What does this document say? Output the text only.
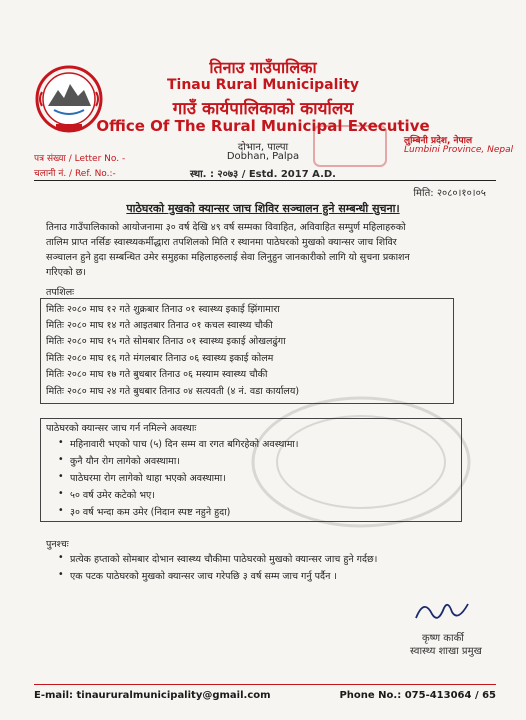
तिनाउ गाउँपालिका
Tinau Rural Municipality
गाउँ कार्यपालिकाको कार्यालय
Office Of The Rural Municipal Executive
दोभान, पाल्पा
Dobhan, Palpa
स्था. : २०७३ / Estd. 2017 A.D.
लुम्बिनी प्रदेश, नेपाल
Lumbini Province, Nepal
पत्र संख्या / Letter No. -
चलानी नं. / Ref. No.:-
मिति: २०८०।१०।०५
पाठेघरको मुखको क्यान्सर जाच शिविर सञ्चालन हुने सम्बन्धी सुचना।
तिनाउ गाउँपालिकाको आयोजनामा ३० वर्ष देखि ४९ वर्ष सम्मका विवाहित, अविवाहित सम्पुर्ण महिलाहरुको
तालिम प्राप्त नर्सिङ स्वास्थ्यकर्मीद्धारा तपशिलको मिति र स्थानमा पाठेघरको मुखको क्यान्सर जाच शिविर
सञ्चालन हुने हुदा सम्बन्धित उमेर समुहका महिलाहरुलाई सेवा लिनुहुन जानकारीको लागि यो सुचना प्रकाशन
गरिएको छ।
तपशिलः
मितिः २०८० माघ १२ गते शुक्रबार तिनाउ ०१ स्वास्थ्य इकाई झिंगामारा
मितिः २०८० माघ १४ गते आइतबार तिनाउ ०१ कचल स्वास्थ्य चौकी
मितिः २०८० माघ १५ गते सोमबार तिनाउ ०१ स्वास्थ्य इकाई ओखलढुंगा
मितिः २०८० माघ १६ गते मंगलबार तिनाउ ०६ स्वास्थ्य इकाई कोलम
मितिः २०८० माघ १७ गते बुधबार तिनाउ ०६ मस्याम स्वास्थ्य चौकी
मितिः २०८० माघ २४ गते बुधबार तिनाउ ०४ सत्यवती (४ नं. वडा कार्यालय)
पाठेघरको क्यान्सर जाच गर्न नमिल्ने अवस्थाः
• महिनावारी भएको पाच (५) दिन सम्म वा रगत बगिरहेको अवस्थामा।
• कुनै यौन रोग लागेको अवस्थामा।
• पाठेघरमा रोग लागेको थाहा भएको अवस्थामा।
• ५० वर्ष उमेर कटेको भए।
• ३० वर्ष भन्दा कम उमेर (निदान स्पष्ट नहुने हुदा)
पुनश्चः
• प्रत्येक हप्ताको सोमबार दोभान स्वास्थ्य चौकीमा पाठेघरको मुखको क्यान्सर जाच हुने गर्दछ।
• एक पटक पाठेघरको मुखको क्यान्सर जाच गरेपछि ३ वर्ष सम्म जाच गर्नु पर्दैन ।
कृष्ण कार्की
स्वास्थ्य शाखा प्रमुख
E-mail: tinaururalmunicipality@gmail.com	Phone No.: 075-413064 / 65
